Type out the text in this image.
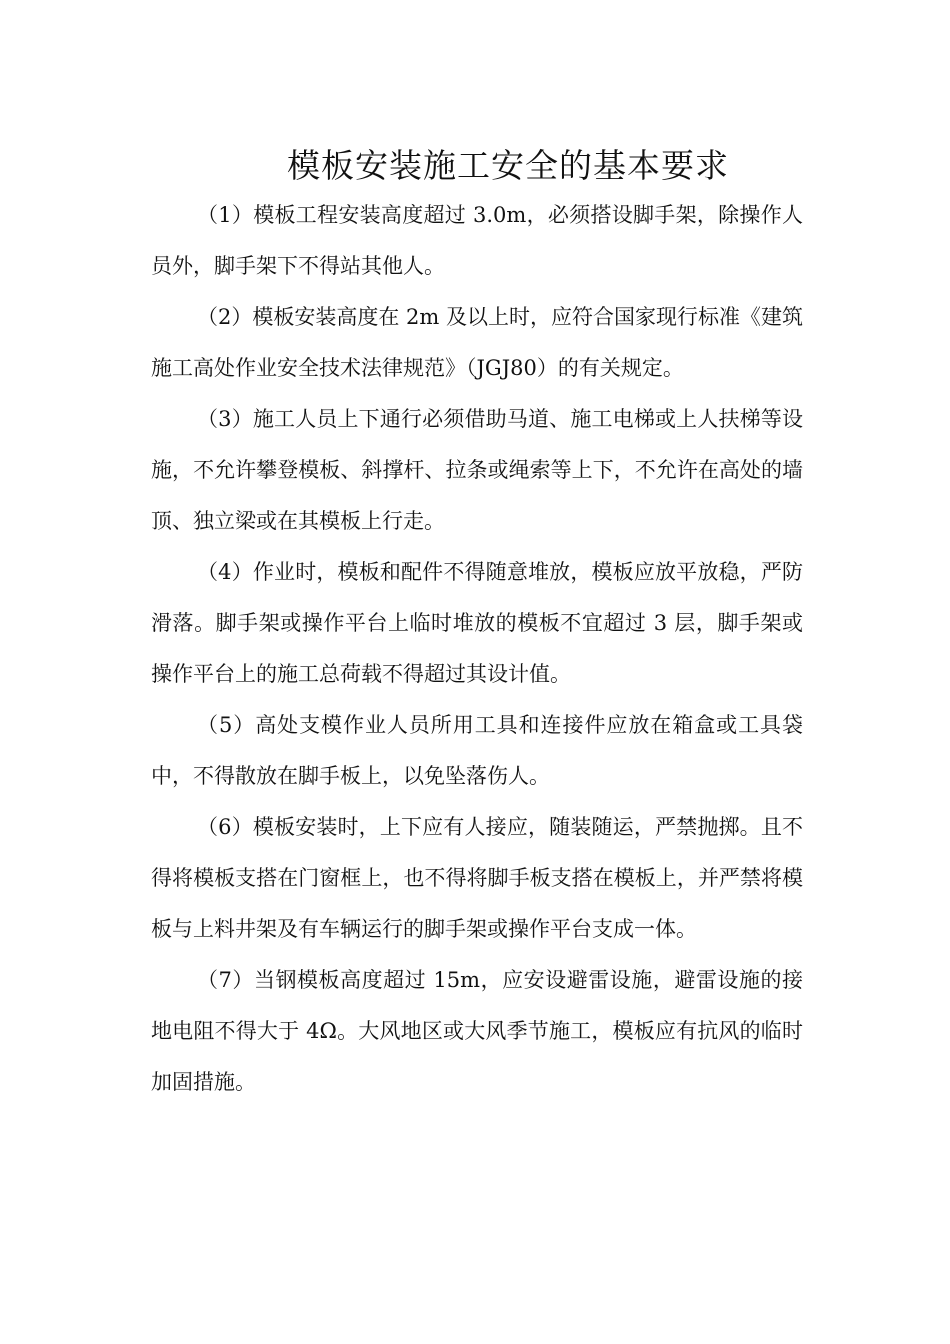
模板安装施工安全的基本要求

（1）模板工程安装高度超过 3.0m，必须搭设脚手架，除操作人员外，脚手架下不得站其他人。

（2）模板安装高度在 2m 及以上时，应符合国家现行标准《建筑施工高处作业安全技术法律规范》（JGJ80）的有关规定。

（3）施工人员上下通行必须借助马道、施工电梯或上人扶梯等设施，不允许攀登模板、斜撑杆、拉条或绳索等上下，不允许在高处的墙顶、独立梁或在其模板上行走。

（4）作业时，模板和配件不得随意堆放，模板应放平放稳，严防滑落。脚手架或操作平台上临时堆放的模板不宜超过 3 层，脚手架或操作平台上的施工总荷载不得超过其设计值。

（5）高处支模作业人员所用工具和连接件应放在箱盒或工具袋中，不得散放在脚手板上，以免坠落伤人。

（6）模板安装时，上下应有人接应，随装随运，严禁抛掷。且不得将模板支搭在门窗框上，也不得将脚手板支搭在模板上，并严禁将模板与上料井架及有车辆运行的脚手架或操作平台支成一体。

（7）当钢模板高度超过 15m，应安设避雷设施，避雷设施的接地电阻不得大于 4Ω。大风地区或大风季节施工，模板应有抗风的临时加固措施。
